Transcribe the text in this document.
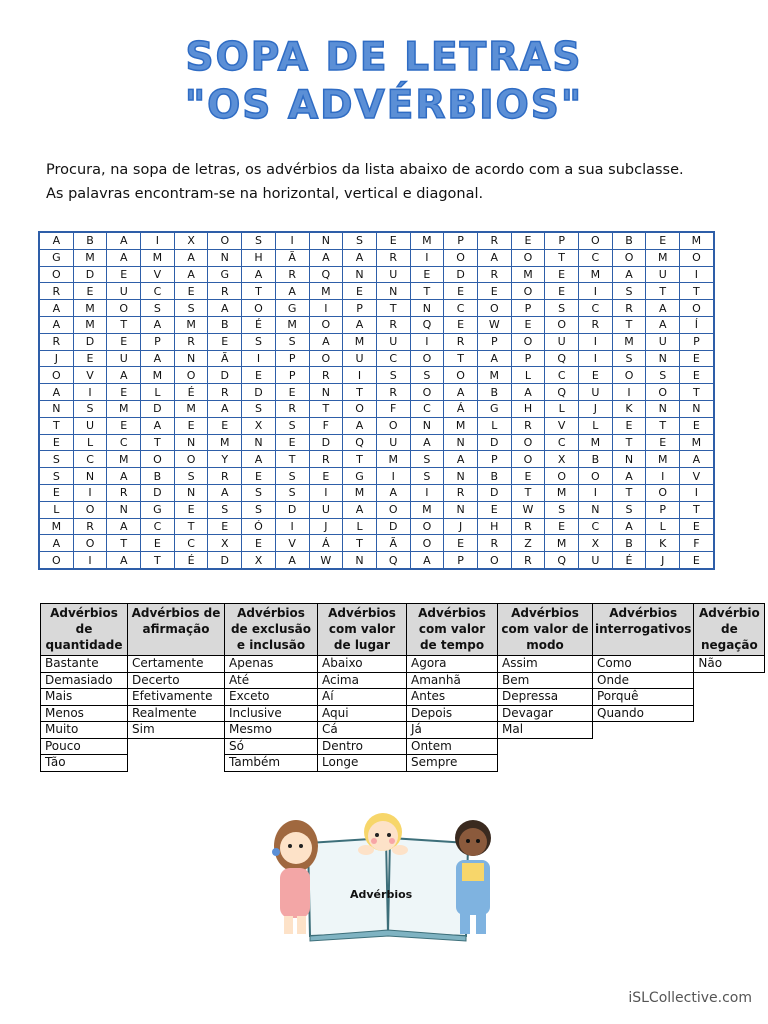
SOPA DE LETRAS
"OS ADVÉRBIOS"
Procura, na sopa de letras, os advérbios da lista abaixo de acordo com a sua subclasse.
As palavras encontram-se na horizontal, vertical e diagonal.
A	B	A	I	X	O	S	I	N	S	E	M	P	R	E	P	O	B	E	M
G	M	A	M	A	N	H	Ã	A	A	R	I	O	A	O	T	C	O	M	O
O	D	E	V	A	G	A	R	Q	N	U	E	D	R	M	E	M	A	U	I
R	E	U	C	E	R	T	A	M	E	N	T	E	E	O	E	I	S	T	T
A	M	O	S	S	A	O	G	I	P	T	N	C	O	P	S	C	R	A	O
A	M	T	A	M	B	É	M	O	A	R	Q	E	W	E	O	R	T	A	Í
R	D	E	P	R	E	S	S	A	M	U	I	R	P	O	U	I	M	U	P
J	E	U	A	N	Ã	I	P	O	U	C	O	T	A	P	Q	I	S	N	E
O	V	A	M	O	D	E	P	R	I	S	S	O	M	L	C	E	O	S	E
A	I	E	L	É	R	D	E	N	T	R	O	A	B	A	Q	U	I	O	T
N	S	M	D	M	A	S	R	T	O	F	C	Á	G	H	L	J	K	N	N
T	U	E	A	E	E	X	S	F	A	O	N	M	L	R	V	L	E	T	E
E	L	C	T	N	M	N	E	D	Q	U	A	N	D	O	C	M	T	E	M
S	C	M	O	O	Y	A	T	R	T	M	S	A	P	O	X	B	N	M	A
S	N	A	B	S	R	E	S	E	G	I	S	N	B	E	O	O	A	I	V
E	I	R	D	N	A	S	S	I	M	A	I	R	D	T	M	I	T	O	I
L	O	N	G	E	S	S	D	U	A	O	M	N	E	W	S	N	S	P	T
M	R	A	C	T	E	Ó	I	J	L	D	O	J	H	R	E	C	A	L	E
A	O	T	E	C	X	E	V	Á	T	Ã	O	E	R	Z	M	X	B	K	F
O	I	A	T	É	D	X	A	W	N	Q	A	P	O	R	Q	U	É	J	E
Advérbios de quantidade	Advérbios de afirmação	Advérbios de exclusão e inclusão	Advérbios com valor de lugar	Advérbios com valor de tempo	Advérbios com valor de modo	Advérbios interrogativos	Advérbio de negação
Bastante	Certamente	Apenas	Abaixo	Agora	Assim	Como	Não
Demasiado	Decerto	Até	Acima	Amanhã	Bem	Onde	
Mais	Efetivamente	Exceto	Aí	Antes	Depressa	Porquê	
Menos	Realmente	Inclusive	Aqui	Depois	Devagar	Quando	
Muito	Sim	Mesmo	Cá	Já	Mal		
Pouco		Só	Dentro	Ontem			
Tão		Também	Longe	Sempre			
Advérbios
iSLCollective.com
